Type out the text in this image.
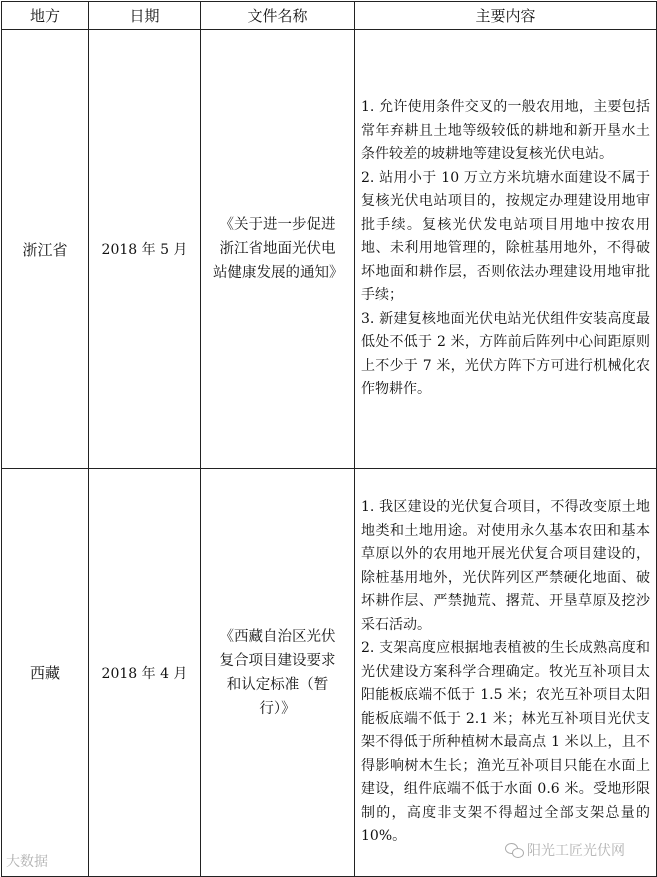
地方	日期	文件名称	主要内容
浙江省	2018 年 5 月	《关于进一步促进浙江省地面光伏电站健康发展的通知》	1. 允许使用条件交叉的一般农用地，主要包括常年弃耕且土地等级较低的耕地和新开垦水土条件较差的坡耕地等建设复核光伏电站。

2. 站用小于 10 万立方米坑塘水面建设不属于复核光伏电站项目的，按规定办理建设用地审批手续。复核光伏发电站项目用地中按农用地、未利用地管理的，除桩基用地外，不得破坏地面和耕作层，否则依法办理建设用地审批手续；

3. 新建复核地面光伏电站光伏组件安装高度最低处不低于 2 米，方阵前后阵列中心间距原则上不少于 7 米，光伏方阵下方可进行机械化农作物耕作。

西藏	2018 年 4 月	《西藏自治区光伏复合项目建设要求和认定标准（暂行）》	1. 我区建设的光伏复合项目，不得改变原土地地类和土地用途。对使用永久基本农田和基本草原以外的农用地开展光伏复合项目建设的，除桩基用地外，光伏阵列区严禁硬化地面、破坏耕作层、严禁抛荒、撂荒、开垦草原及挖沙采石活动。

2. 支架高度应根据地表植被的生长成熟高度和光伏建设方案科学合理确定。牧光互补项目太阳能板底端不低于 1.5 米；农光互补项目太阳能板底端不低于 2.1 米；林光互补项目光伏支架不得低于所种植树木最高点 1 米以上，且不得影响树木生长；渔光互补项目只能在水面上建设，组件底端不低于水面 0.6 米。受地形限制的，高度非支架不得超过全部支架总量的 10%。

大数据
阳光工匠光伏网
